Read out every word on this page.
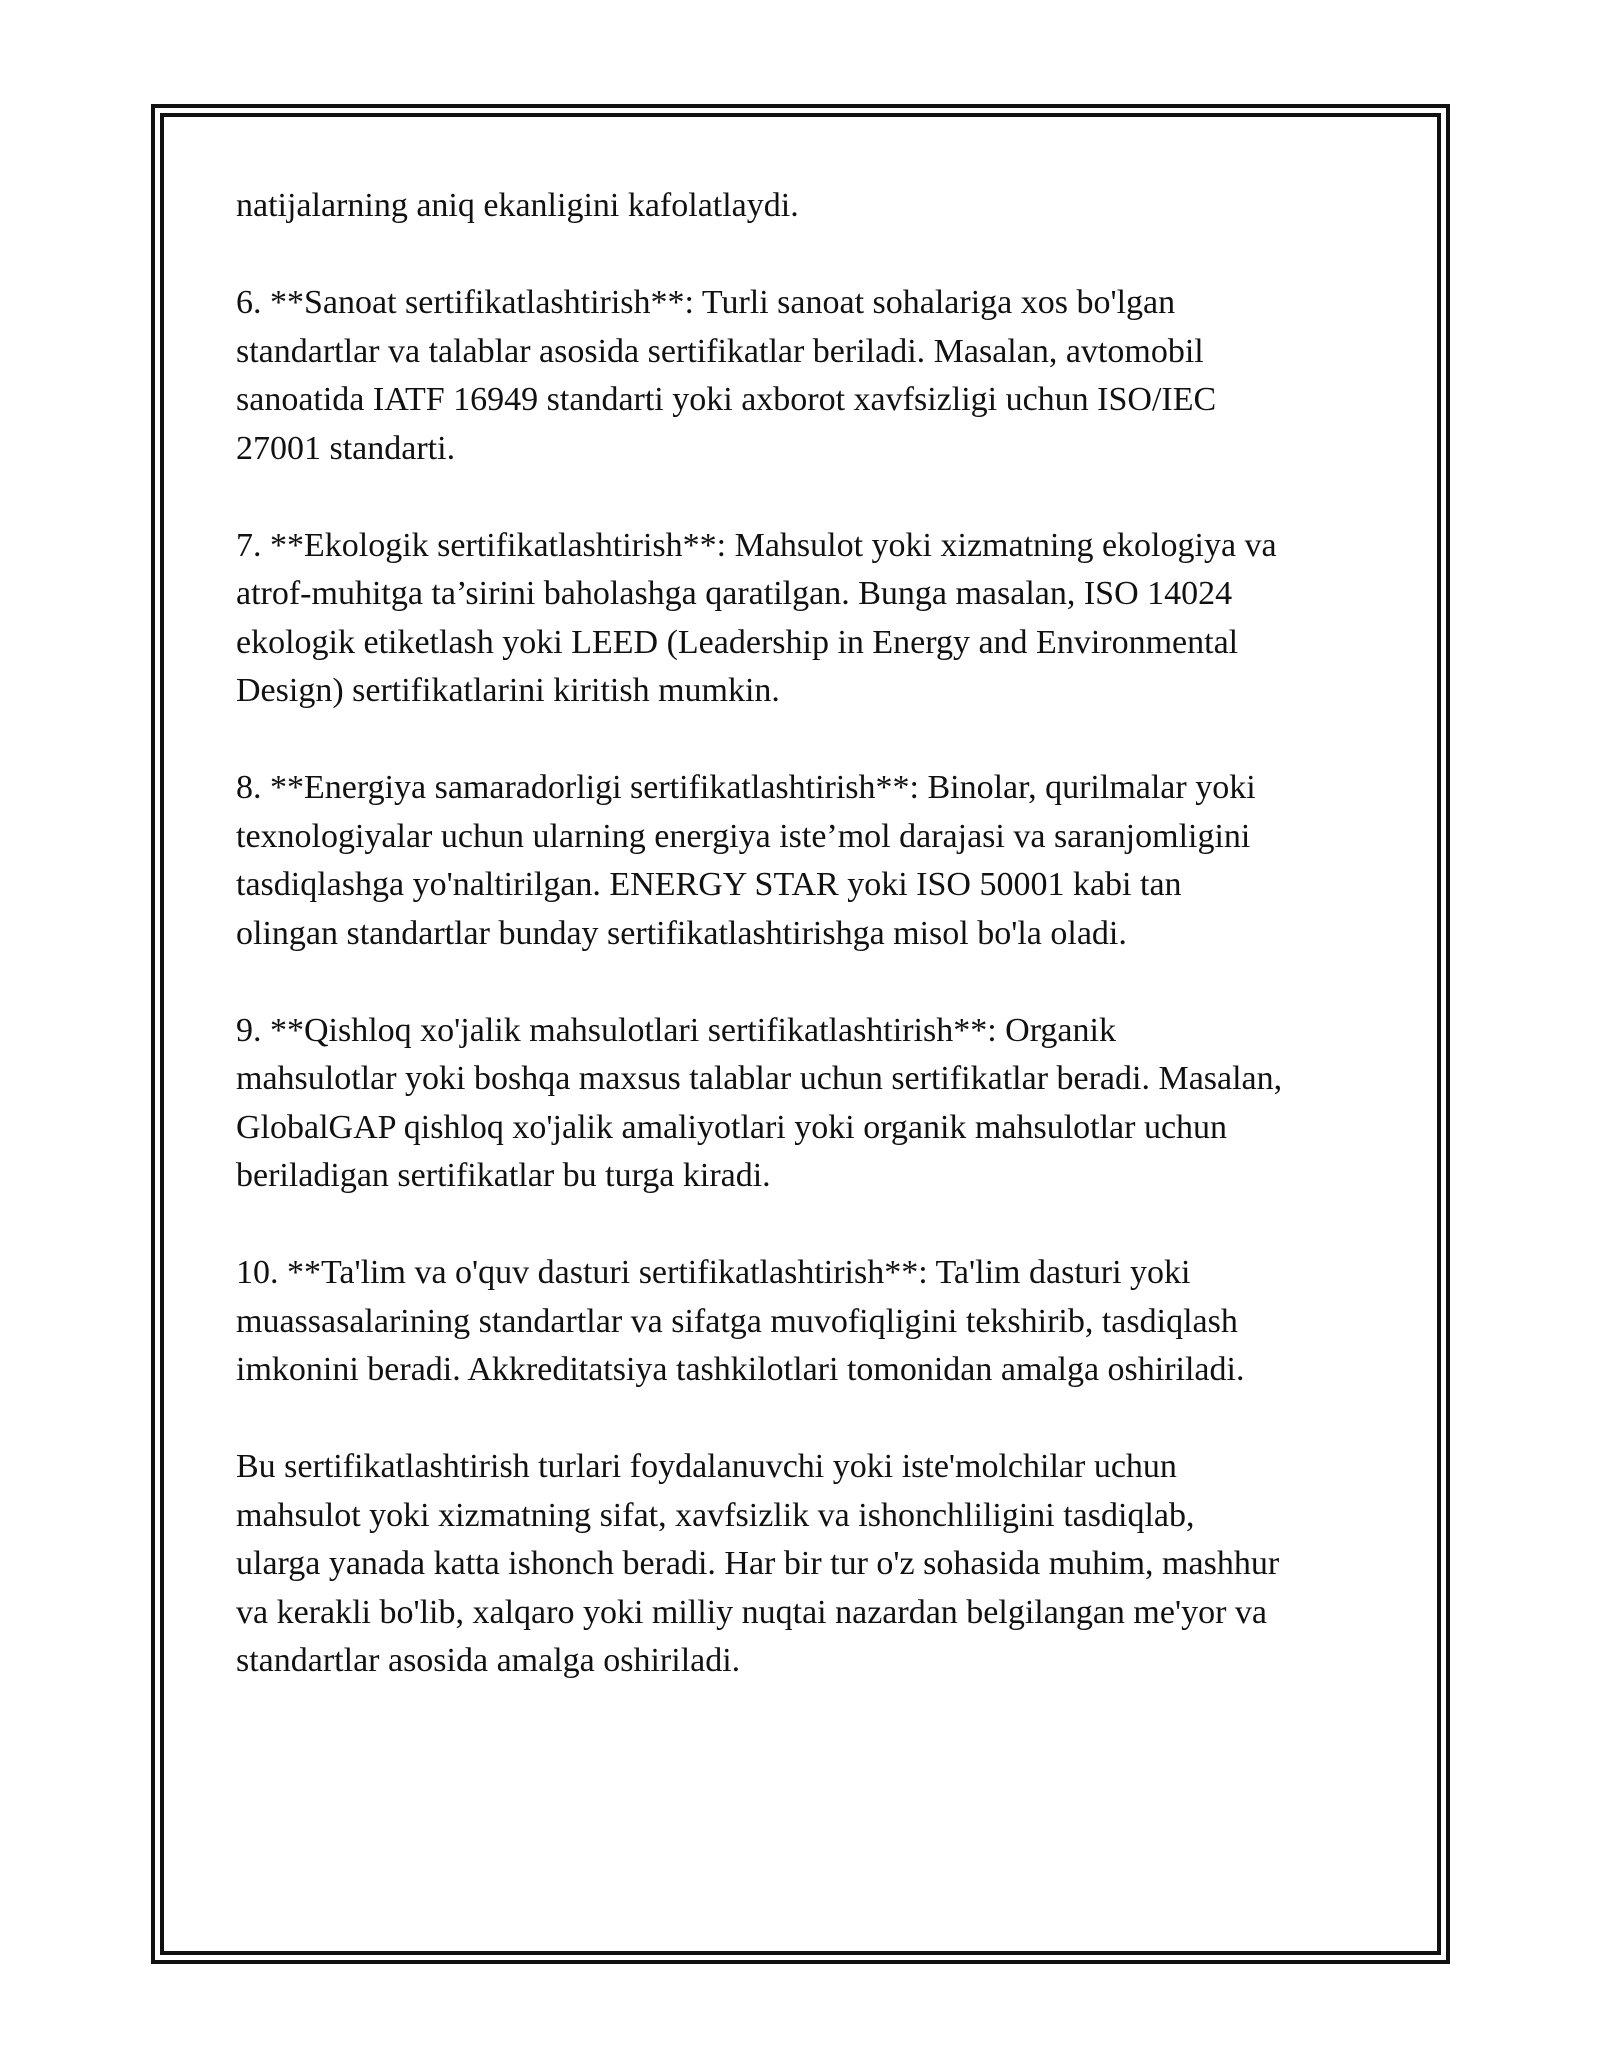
natijalarning aniq ekanligini kafolatlaydi.

6. **Sanoat sertifikatlashtirish**: Turli sanoat sohalariga xos bo'lgan
standartlar va talablar asosida sertifikatlar beriladi. Masalan, avtomobil
sanoatida IATF 16949 standarti yoki axborot xavfsizligi uchun ISO/IEC
27001 standarti.

7. **Ekologik sertifikatlashtirish**: Mahsulot yoki xizmatning ekologiya va
atrof-muhitga ta’sirini baholashga qaratilgan. Bunga masalan, ISO 14024
ekologik etiketlash yoki LEED (Leadership in Energy and Environmental
Design) sertifikatlarini kiritish mumkin.

8. **Energiya samaradorligi sertifikatlashtirish**: Binolar, qurilmalar yoki
texnologiyalar uchun ularning energiya iste’mol darajasi va saranjomligini
tasdiqlashga yo'naltirilgan. ENERGY STAR yoki ISO 50001 kabi tan
olingan standartlar bunday sertifikatlashtirishga misol bo'la oladi.

9. **Qishloq xo'jalik mahsulotlari sertifikatlashtirish**: Organik
mahsulotlar yoki boshqa maxsus talablar uchun sertifikatlar beradi. Masalan,
GlobalGAP qishloq xo'jalik amaliyotlari yoki organik mahsulotlar uchun
beriladigan sertifikatlar bu turga kiradi.

10. **Ta'lim va o'quv dasturi sertifikatlashtirish**: Ta'lim dasturi yoki
muassasalarining standartlar va sifatga muvofiqligini tekshirib, tasdiqlash
imkonini beradi. Akkreditatsiya tashkilotlari tomonidan amalga oshiriladi.

Bu sertifikatlashtirish turlari foydalanuvchi yoki iste'molchilar uchun
mahsulot yoki xizmatning sifat, xavfsizlik va ishonchliligini tasdiqlab,
ularga yanada katta ishonch beradi. Har bir tur o'z sohasida muhim, mashhur
va kerakli bo'lib, xalqaro yoki milliy nuqtai nazardan belgilangan me'yor va
standartlar asosida amalga oshiriladi.
